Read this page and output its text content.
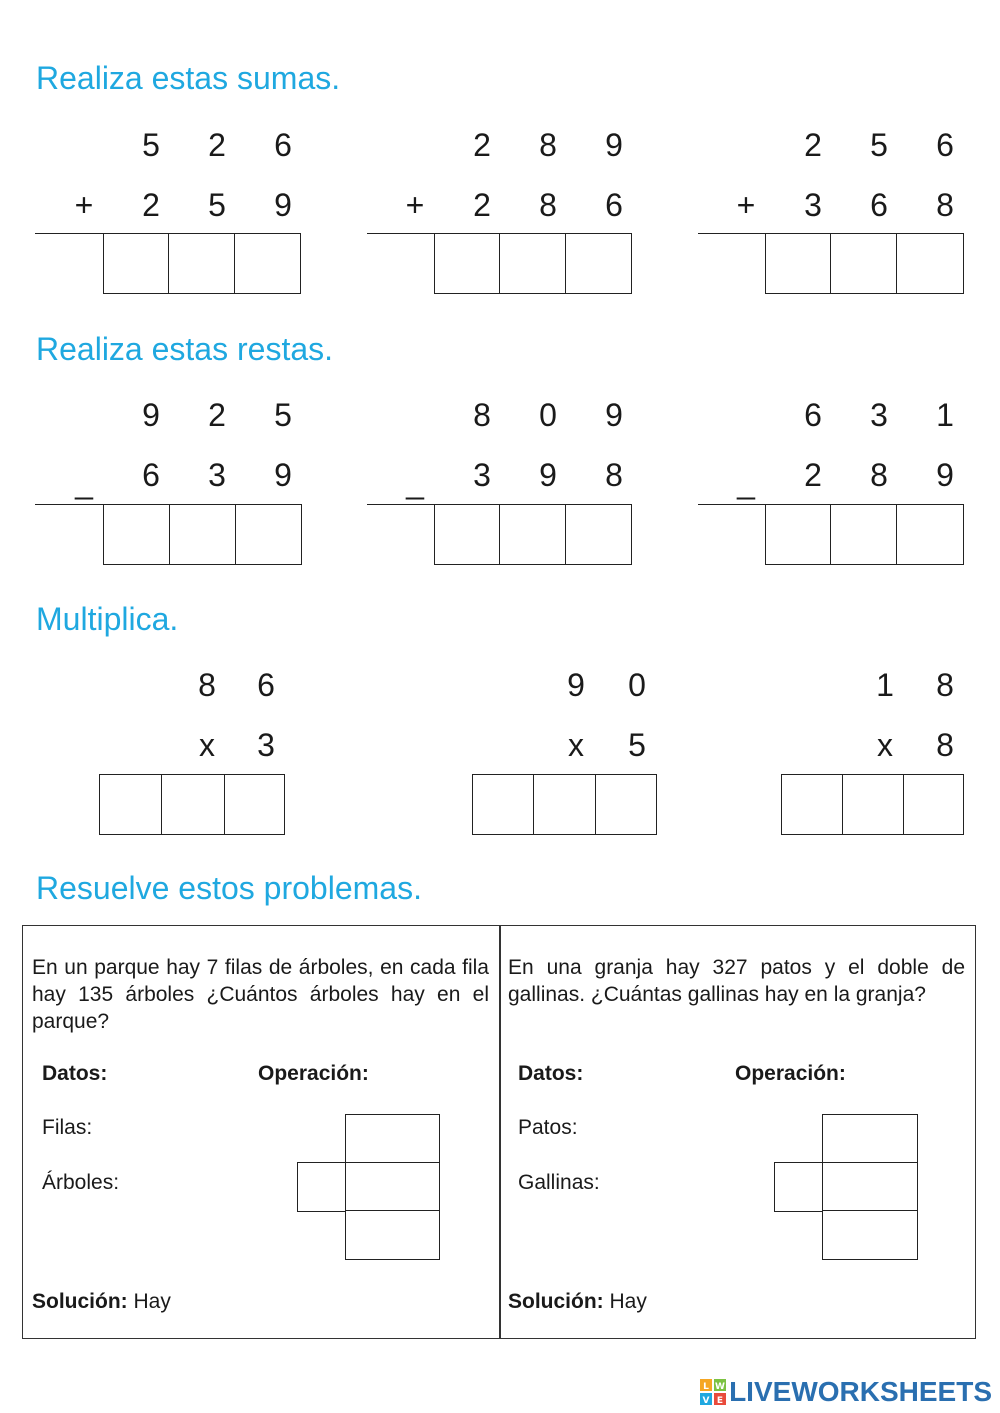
Realiza estas sumas.
Realiza estas restas.
Multiplica.
Resuelve estos problemas.
5	2	6
+	2	5	9
2	8	9
+	2	8	6
2	5	6
+	3	6	8
9	2	5
_	6	3	9
8	0	9
_	3	9	8
6	3	1
_	2	8	9
8	6
x	3
9	0
x	5
1	8
x	8
En un parque hay 7 filas de árboles, en cada fila hay 135 árboles ¿Cuántos árboles hay en el parque?
Datos:	Operación:
Filas:
Árboles:
Solución: Hay
En una granja hay 327 patos y el doble de gallinas. ¿Cuántas gallinas hay en la granja?
Datos:	Operación:
Patos:
Gallinas:
Solución: Hay
L W
V E LIVEWORKSHEETS
